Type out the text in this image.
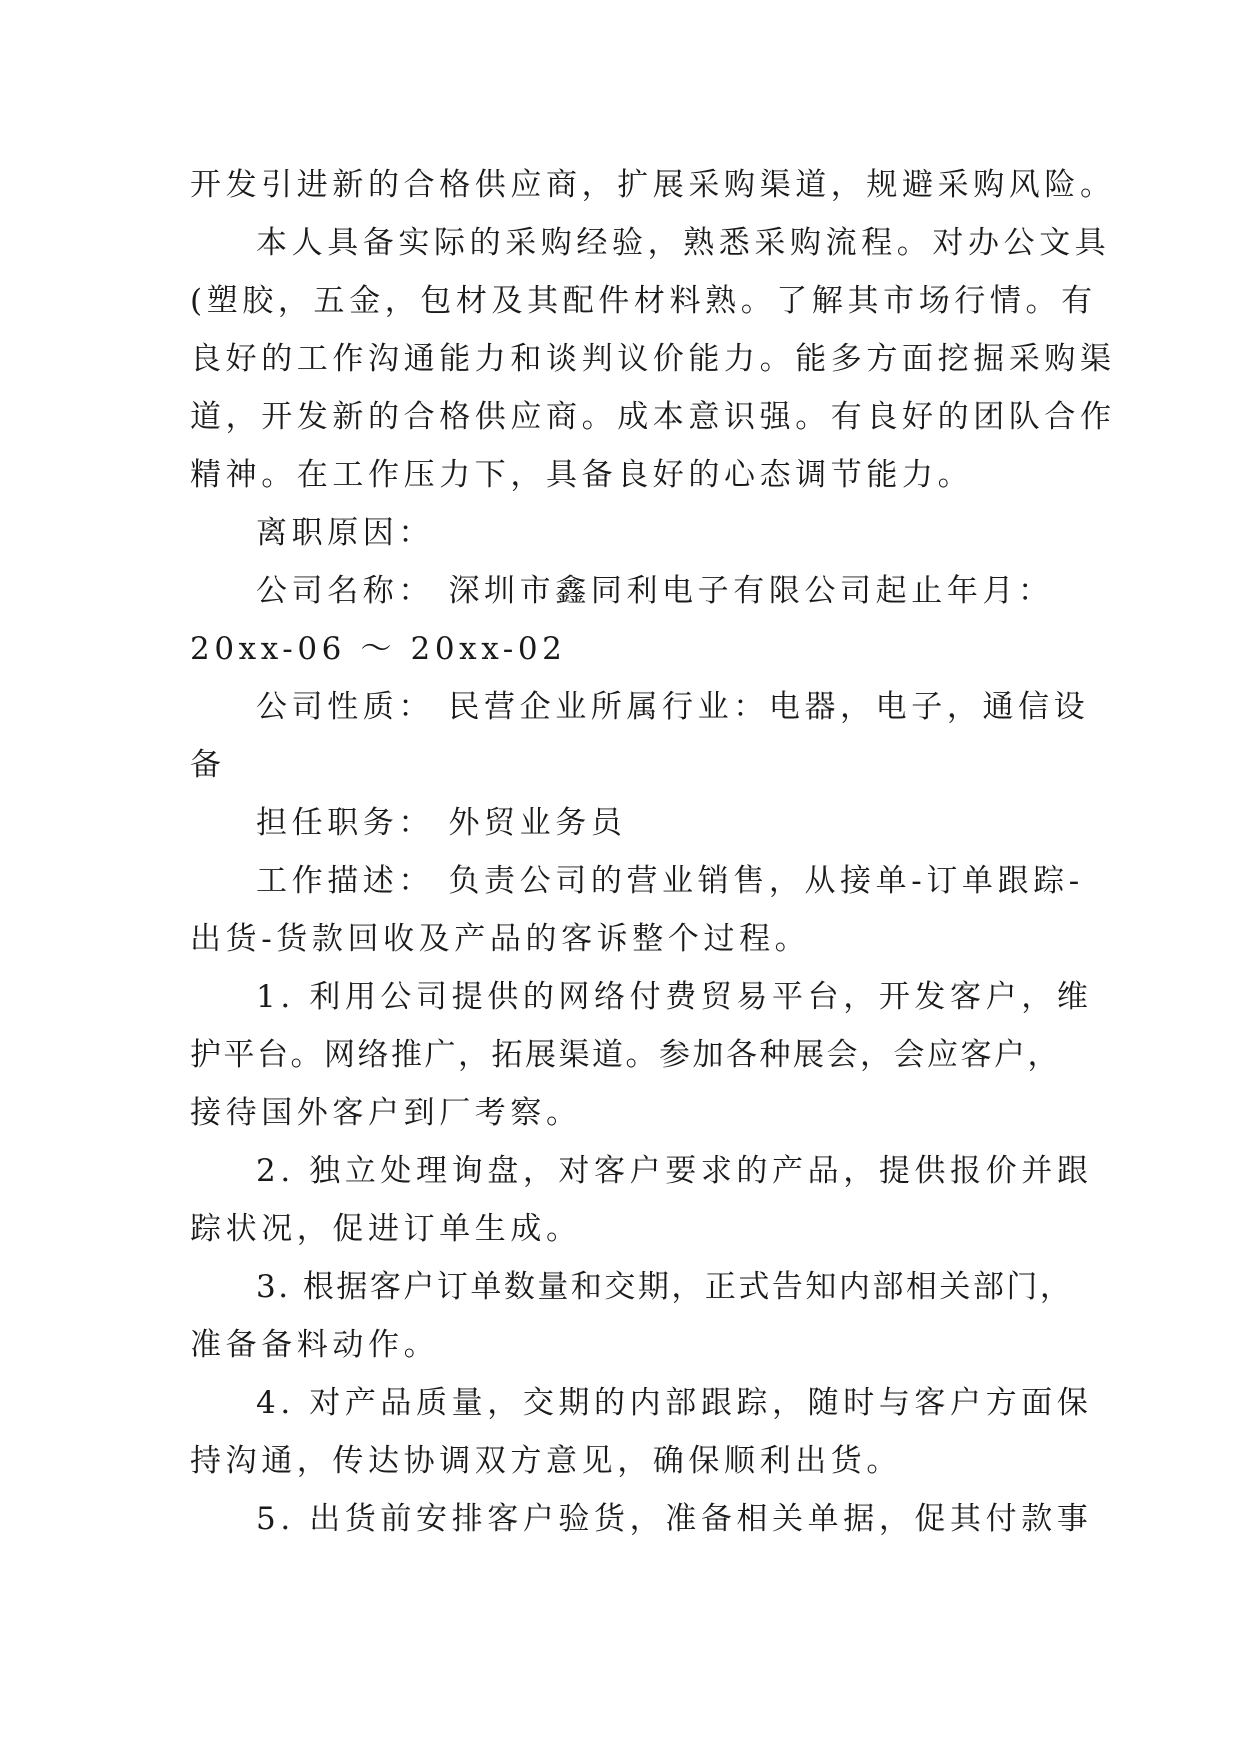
开发引进新的合格供应商，扩展采购渠道，规避采购风险。
本人具备实际的采购经验，熟悉采购流程。对办公文具
(塑胶，五金，包材及其配件材料熟。了解其市场行情。有
良好的工作沟通能力和谈判议价能力。能多方面挖掘采购渠
道，开发新的合格供应商。成本意识强。有良好的团队合作
精神。在工作压力下，具备良好的心态调节能力。
离职原因：
公司名称： 深圳市鑫同利电子有限公司起止年月：
20xx-06 ～ 20xx-02
公司性质： 民营企业所属行业：电器，电子，通信设
备
担任职务： 外贸业务员
工作描述： 负责公司的营业销售，从接单-订单跟踪-
出货-货款回收及产品的客诉整个过程。
1. 利用公司提供的网络付费贸易平台，开发客户，维
护平台。网络推广，拓展渠道。参加各种展会，会应客户，
接待国外客户到厂考察。
2. 独立处理询盘，对客户要求的产品，提供报价并跟
踪状况，促进订单生成。
3. 根据客户订单数量和交期，正式告知内部相关部门，
准备备料动作。
4. 对产品质量，交期的内部跟踪，随时与客户方面保
持沟通，传达协调双方意见，确保顺利出货。
5. 出货前安排客户验货，准备相关单据，促其付款事
